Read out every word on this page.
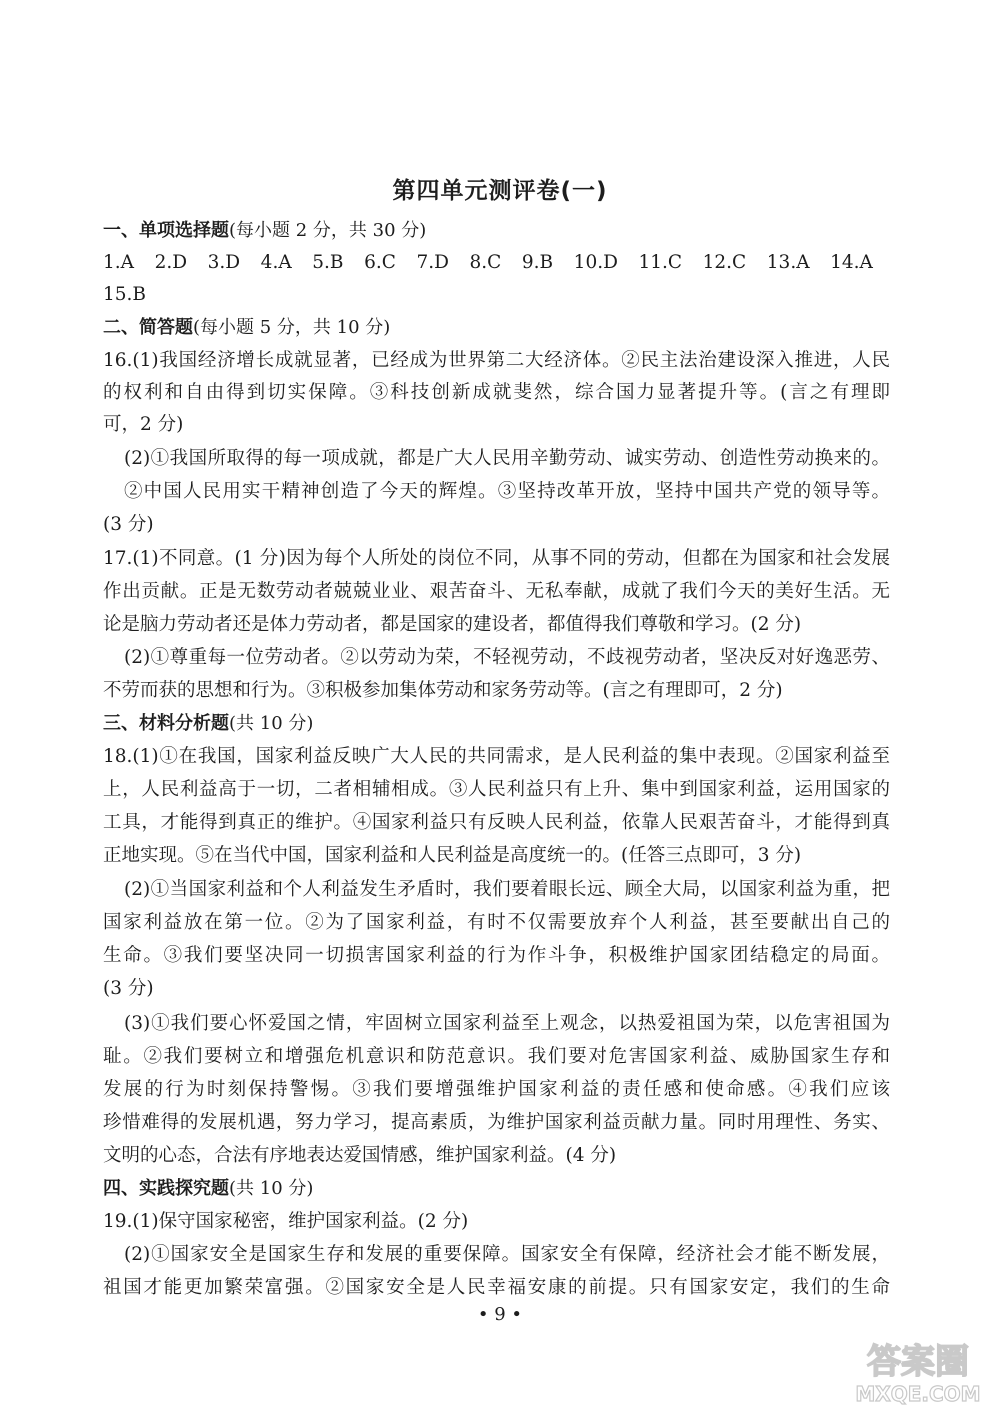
第四单元测评卷(一)
一、单项选择题(每小题 2 分，共 30 分)
1.A 2.D 3.D 4.A 5.B 6.C 7.D 8.C 9.B 10.D 11.C 12.C 13.A 14.A
15.B
二、简答题(每小题 5 分，共 10 分)
16.(1)我国经济增长成就显著，已经成为世界第二大经济体。②民主法治建设深入推进，人民
的权利和自由得到切实保障。③科技创新成就斐然，综合国力显著提升等。(言之有理即
可，2 分)
(2)①我国所取得的每一项成就，都是广大人民用辛勤劳动、诚实劳动、创造性劳动换来的。
②中国人民用实干精神创造了今天的辉煌。③坚持改革开放，坚持中国共产党的领导等。
(3 分)
17.(1)不同意。(1 分)因为每个人所处的岗位不同，从事不同的劳动，但都在为国家和社会发展
作出贡献。正是无数劳动者兢兢业业、艰苦奋斗、无私奉献，成就了我们今天的美好生活。无
论是脑力劳动者还是体力劳动者，都是国家的建设者，都值得我们尊敬和学习。(2 分)
(2)①尊重每一位劳动者。②以劳动为荣，不轻视劳动，不歧视劳动者，坚决反对好逸恶劳、
不劳而获的思想和行为。③积极参加集体劳动和家务劳动等。(言之有理即可，2 分)
三、材料分析题(共 10 分)
18.(1)①在我国，国家利益反映广大人民的共同需求，是人民利益的集中表现。②国家利益至
上，人民利益高于一切，二者相辅相成。③人民利益只有上升、集中到国家利益，运用国家的
工具，才能得到真正的维护。④国家利益只有反映人民利益，依靠人民艰苦奋斗，才能得到真
正地实现。⑤在当代中国，国家利益和人民利益是高度统一的。(任答三点即可，3 分)
(2)①当国家利益和个人利益发生矛盾时，我们要着眼长远、顾全大局，以国家利益为重，把
国家利益放在第一位。②为了国家利益，有时不仅需要放弃个人利益，甚至要献出自己的
生命。③我们要坚决同一切损害国家利益的行为作斗争，积极维护国家团结稳定的局面。
(3 分)
(3)①我们要心怀爱国之情，牢固树立国家利益至上观念，以热爱祖国为荣，以危害祖国为
耻。②我们要树立和增强危机意识和防范意识。我们要对危害国家利益、威胁国家生存和
发展的行为时刻保持警惕。③我们要增强维护国家利益的责任感和使命感。④我们应该
珍惜难得的发展机遇，努力学习，提高素质，为维护国家利益贡献力量。同时用理性、务实、
文明的心态，合法有序地表达爱国情感，维护国家利益。(4 分)
四、实践探究题(共 10 分)
19.(1)保守国家秘密，维护国家利益。(2 分)
(2)①国家安全是国家生存和发展的重要保障。国家安全有保障，经济社会才能不断发展，
祖国才能更加繁荣富强。②国家安全是人民幸福安康的前提。只有国家安定，我们的生命
• 9 •
答案圈
MXQE.COM
